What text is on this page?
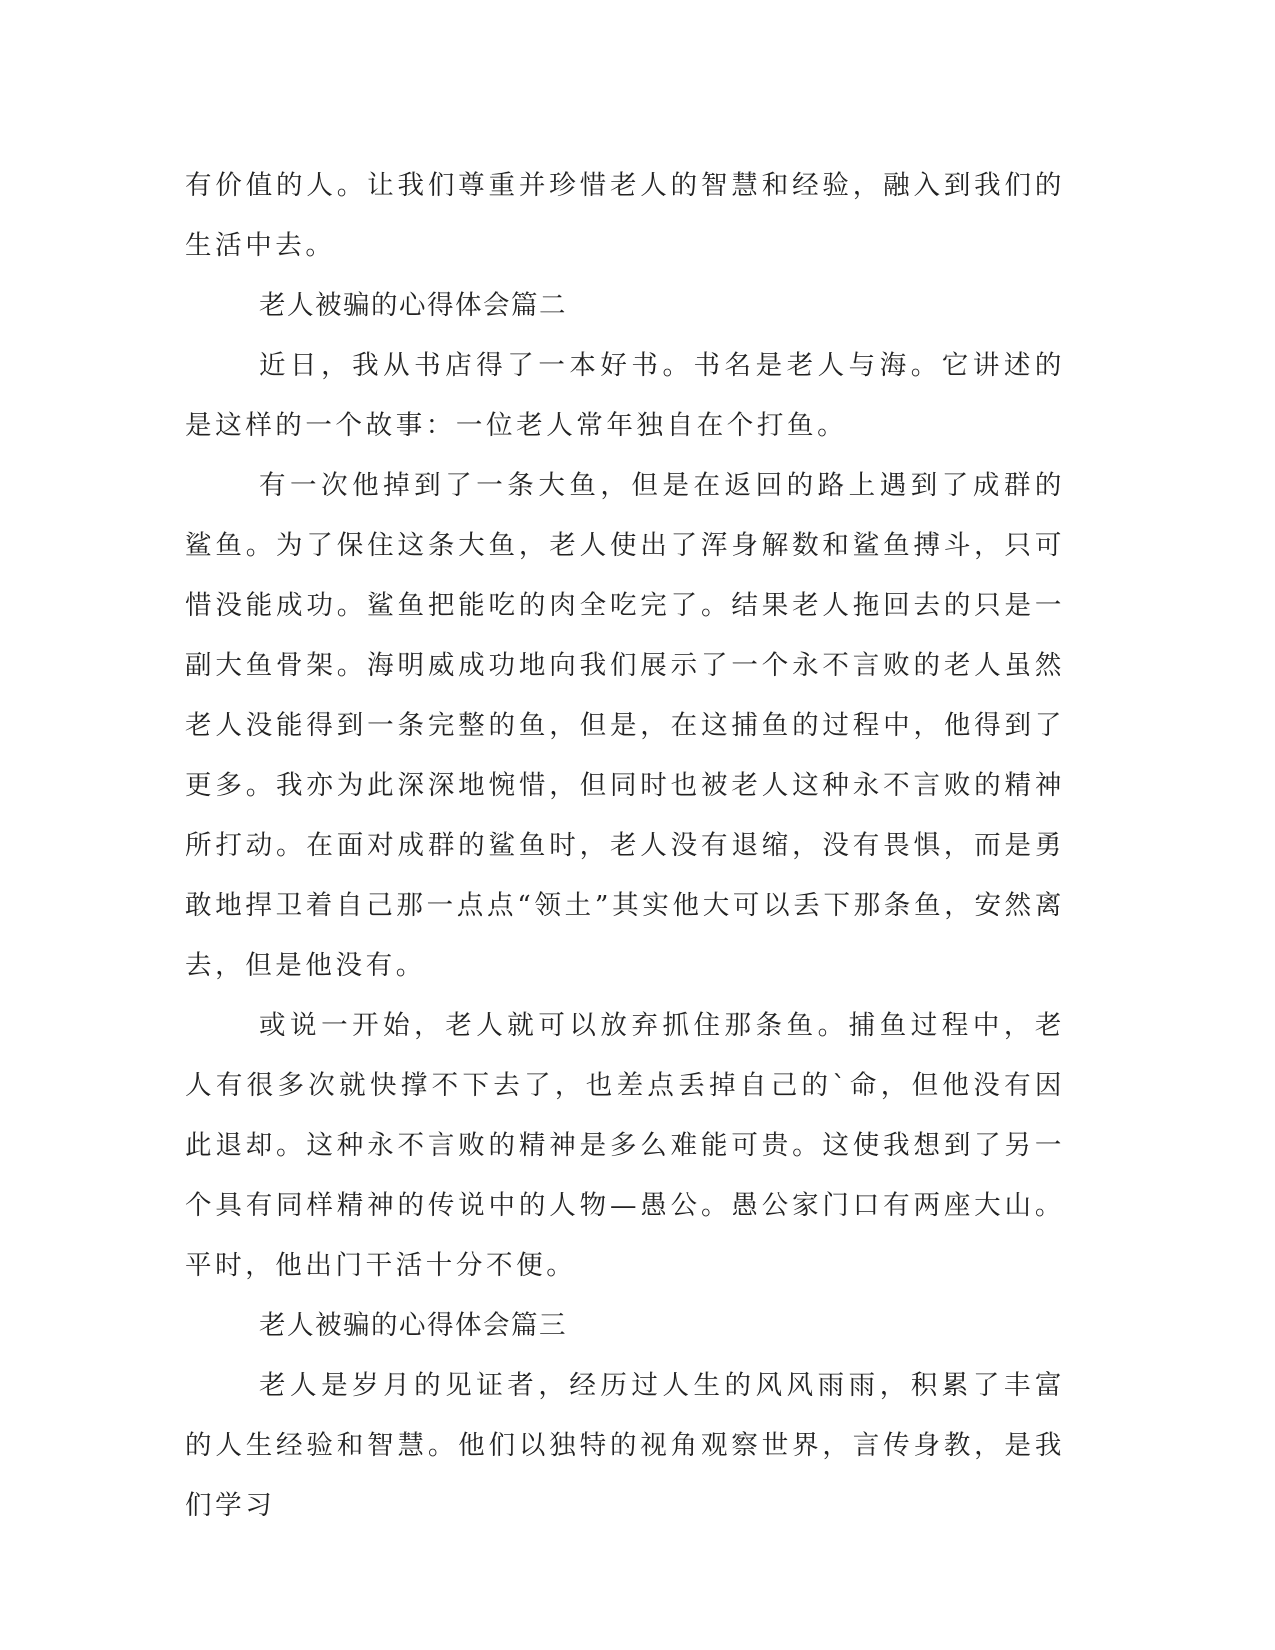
有价值的人。让我们尊重并珍惜老人的智慧和经验，融入到我们的生活中去。

老人被骗的心得体会篇二

近日，我从书店得了一本好书。书名是老人与海。它讲述的是这样的一个故事：一位老人常年独自在个打鱼。

有一次他掉到了一条大鱼，但是在返回的路上遇到了成群的鲨鱼。为了保住这条大鱼，老人使出了浑身解数和鲨鱼搏斗，只可惜没能成功。鲨鱼把能吃的肉全吃完了。结果老人拖回去的只是一副大鱼骨架。海明威成功地向我们展示了一个永不言败的老人虽然老人没能得到一条完整的鱼，但是，在这捕鱼的过程中，他得到了更多。我亦为此深深地惋惜，但同时也被老人这种永不言败的精神所打动。在面对成群的鲨鱼时，老人没有退缩，没有畏惧，而是勇敢地捍卫着自己那一点点“领土”其实他大可以丢下那条鱼，安然离去，但是他没有。

或说一开始，老人就可以放弃抓住那条鱼。捕鱼过程中，老人有很多次就快撑不下去了，也差点丢掉自己的`命，但他没有因此退却。这种永不言败的精神是多么难能可贵。这使我想到了另一个具有同样精神的传说中的人物—愚公。愚公家门口有两座大山。平时，他出门干活十分不便。

老人被骗的心得体会篇三

老人是岁月的见证者，经历过人生的风风雨雨，积累了丰富的人生经验和智慧。他们以独特的视角观察世界，言传身教，是我们学习
